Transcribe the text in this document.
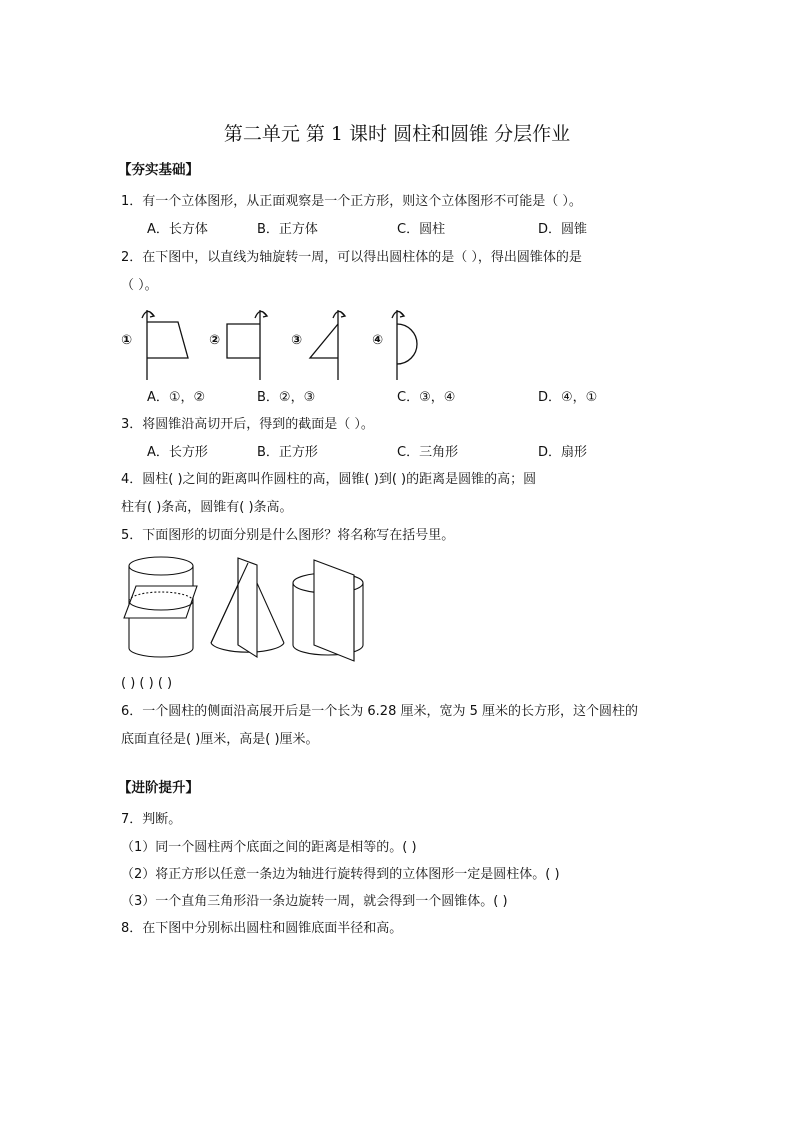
第二单元 第 1 课时 圆柱和圆锥 分层作业
【夯实基础】
1．有一个立体图形，从正面观察是一个正方形，则这个立体图形不可能是（ ）。
A．长方体	B．正方体	C．圆柱	D．圆锥
2．在下图中，以直线为轴旋转一周，可以得出圆柱体的是（ ），得出圆锥体的是
（ ）。
①	②	③	④
A．①，②	B．②，③	C．③，④	D．④，①
3．将圆锥沿高切开后，得到的截面是（ ）。
A．长方形	B．正方形	C．三角形	D．扇形
4．圆柱( )之间的距离叫作圆柱的高，圆锥( )到( )的距离是圆锥的高；圆
柱有( )条高，圆锥有( )条高。
5．下面图形的切面分别是什么图形？将名称写在括号里。
( ) ( ) ( )
6．一个圆柱的侧面沿高展开后是一个长为 6.28 厘米，宽为 5 厘米的长方形，这个圆柱的
底面直径是( )厘米，高是( )厘米。
【进阶提升】
7．判断。
（1）同一个圆柱两个底面之间的距离是相等的。( )
（2）将正方形以任意一条边为轴进行旋转得到的立体图形一定是圆柱体。( )
（3）一个直角三角形沿一条边旋转一周，就会得到一个圆锥体。( )
8．在下图中分别标出圆柱和圆锥底面半径和高。
